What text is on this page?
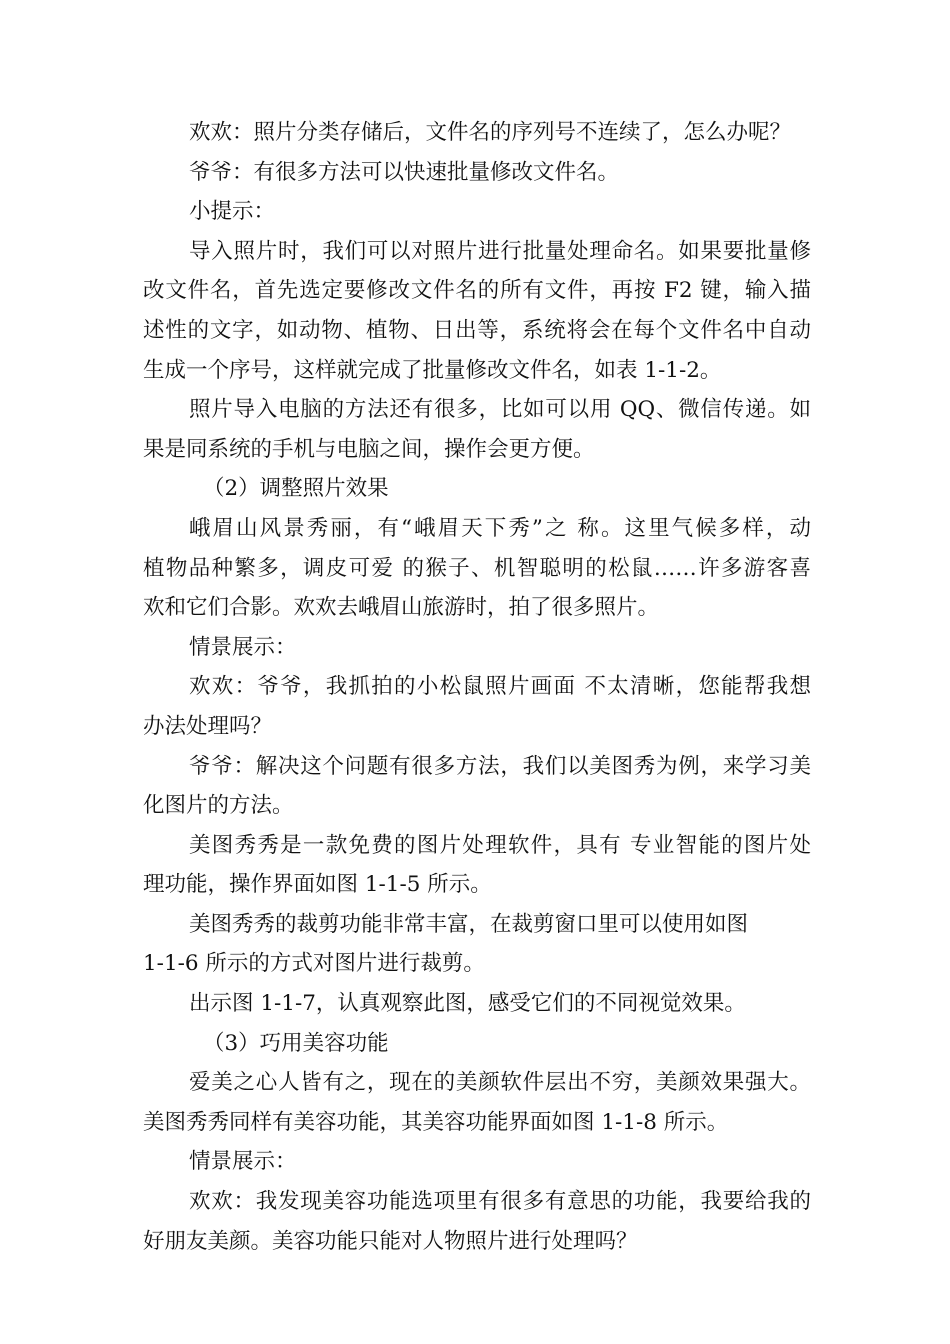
欢欢：照片分类存储后，文件名的序列号不连续了，怎么办呢？
爷爷：有很多方法可以快速批量修改文件名。
小提示：
导入照片时，我们可以对照片进行批量处理命名。如果要批量修
改文件名，首先选定要修改文件名的所有文件，再按 F2 键，输入描
述性的文字，如动物、植物、日出等，系统将会在每个文件名中自动
生成一个序号，这样就完成了批量修改文件名，如表 1-1-2。
照片导入电脑的方法还有很多，比如可以用 QQ、微信传递。如
果是同系统的手机与电脑之间，操作会更方便。
（2）调整照片效果
峨眉山风景秀丽，有“峨眉天下秀”之 称。这里气候多样，动
植物品种繁多，调皮可爱 的猴子、机智聪明的松鼠……许多游客喜
欢和它们合影。欢欢去峨眉山旅游时，拍了很多照片。
情景展示：
欢欢：爷爷，我抓拍的小松鼠照片画面 不太清晰，您能帮我想
办法处理吗？
爷爷：解决这个问题有很多方法，我们以美图秀为例，来学习美
化图片的方法。
美图秀秀是一款免费的图片处理软件，具有 专业智能的图片处
理功能，操作界面如图 1-1-5 所示。
美图秀秀的裁剪功能非常丰富，在裁剪窗口里可以使用如图
1-1-6 所示的方式对图片进行裁剪。
出示图 1-1-7，认真观察此图，感受它们的不同视觉效果。
（3）巧用美容功能
爱美之心人皆有之，现在的美颜软件层出不穷，美颜效果强大。
美图秀秀同样有美容功能，其美容功能界面如图 1-1-8 所示。
情景展示：
欢欢：我发现美容功能选项里有很多有意思的功能，我要给我的
好朋友美颜。美容功能只能对人物照片进行处理吗？
